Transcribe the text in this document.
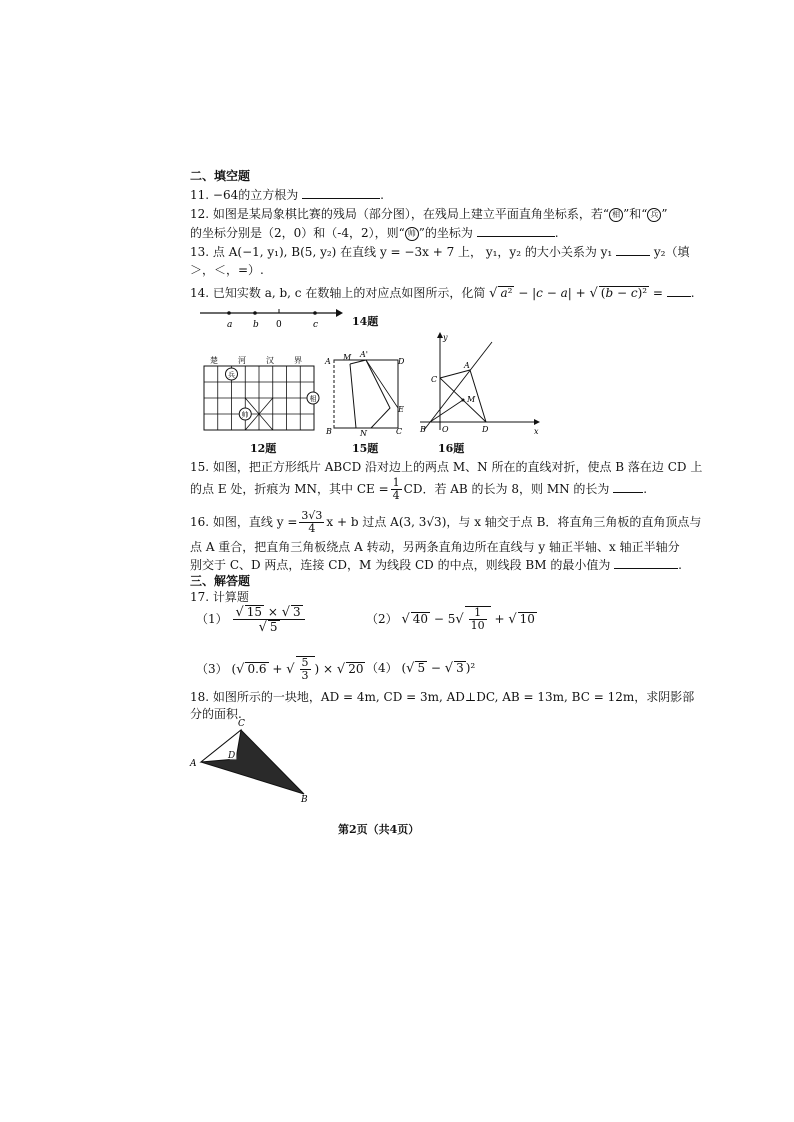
二、填空题
11. −64的立方根为	.
12. 如图是某局象棋比赛的残局（部分图），在残局上建立平面直角坐标系，若“ 相 ”和“ 兵 ”
的坐标分别是（2，0）和（-4，2），则“ 帅 ”的坐标为	.
13. 点 A(−1, y₁), B(5, y₂) 在直线 y = −3x + 7 上， y₁，y₂ 的大小关系为 y₁	y₂（填
＞，＜，=）.
14. 已知实数 a, b, c 在数轴上的对应点如图所示，化简 √ a² − |c − a| + √ (b − c)² = .
a b 0	c	14题
楚	河	汉	界
兵
帅
相
12题
A M A'
D
E
B	N	C
15题
y
A
C
M
B O	D	x
16题
15. 如图，把正方形纸片 ABCD 沿对边上的两点 M、N 所在的直线对折，使点 B 落在边 CD 上
的点 E 处，折痕为 MN，其中 CE = $\frac{1}{4}$ CD．若 AB 的长为 8，则 MN 的长为	.
16. 如图，直线 $y = \frac{3√3}{4}$ x + b 过点 A(3, 3√3)，与 x 轴交于点 B．将直角三角板的直角顶点与
点 A 重合，把直角三角板绕点 A 转动，另两条直角边所在直线与 y 轴正半轴、x 轴正半轴分
别交于 C、D 两点，连接 CD，M 为线段 CD 的中点，则线段 BM 的最小值为	.
三、解答题
17. 计算题
$(1) \frac{√ 15 \times √ 3}{√ 5}$	（2） √ $40 - 5√ \frac{1}{10}$ + √ 10
（3） (√ 0.6 + √ $\frac{5}{3}$ ) × √ 20 （4） (√ 5 − √ 3 )²
18. 如图所示的一块地，AD = 4m, CD = 3m, AD⊥DC, AB = 13m, BC = 12m，求阴影部
分的面积.
C
A
D
B
第2页（共4页）
